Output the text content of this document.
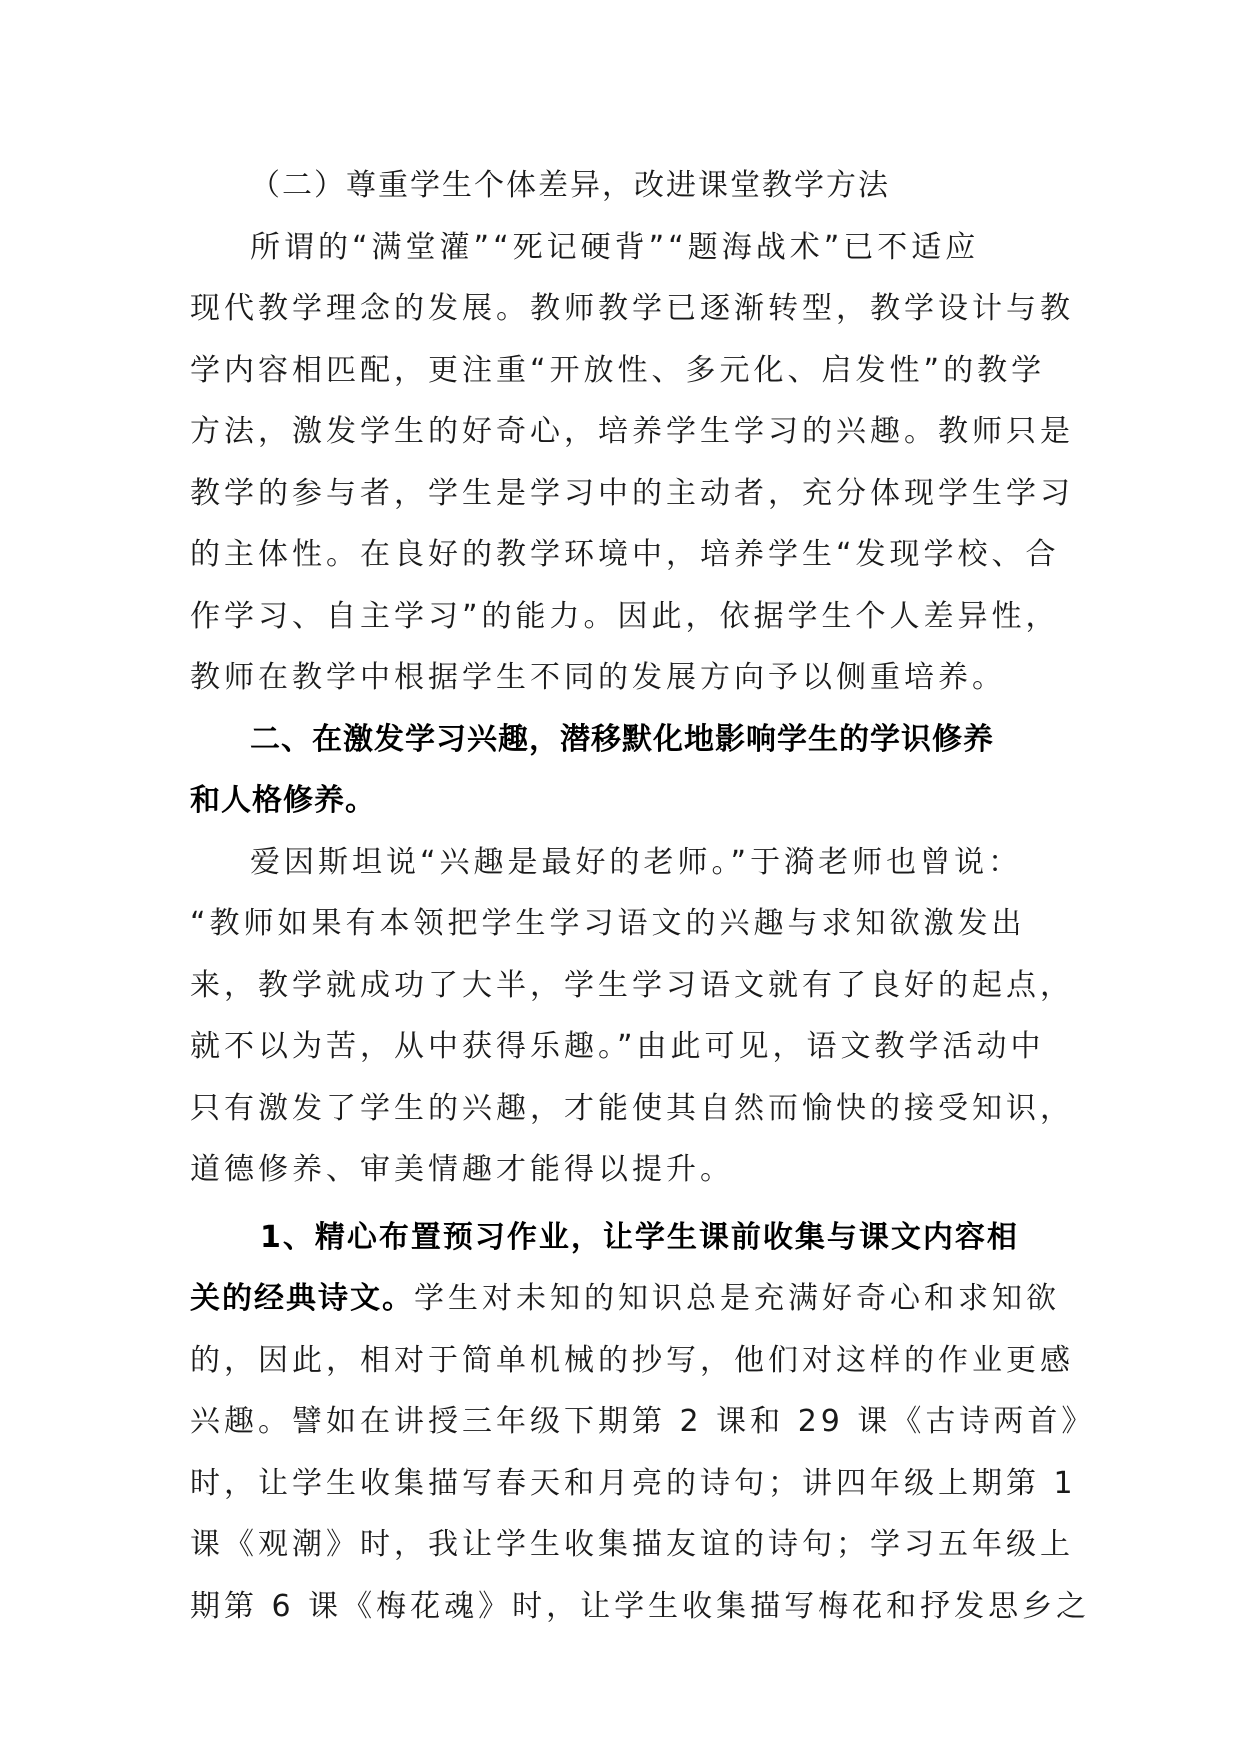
（二）尊重学生个体差异，改进课堂教学方法
所谓的“满堂灌”“死记硬背”“题海战术”已不适应
现代教学理念的发展。教师教学已逐渐转型，教学设计与教
学内容相匹配，更注重“开放性、多元化、启发性”的教学
方法，激发学生的好奇心，培养学生学习的兴趣。教师只是
教学的参与者，学生是学习中的主动者，充分体现学生学习
的主体性。在良好的教学环境中，培养学生“发现学校、合
作学习、自主学习”的能力。因此，依据学生个人差异性，
教师在教学中根据学生不同的发展方向予以侧重培养。
二、在激发学习兴趣，潜移默化地影响学生的学识修养
和人格修养。
爱因斯坦说“兴趣是最好的老师。”于漪老师也曾说：
“教师如果有本领把学生学习语文的兴趣与求知欲激发出
来，教学就成功了大半，学生学习语文就有了良好的起点，
就不以为苦，从中获得乐趣。”由此可见，语文教学活动中
只有激发了学生的兴趣，才能使其自然而愉快的接受知识，
道德修养、审美情趣才能得以提升。
1、精心布置预习作业，让学生课前收集与课文内容相
关的经典诗文。学生对未知的知识总是充满好奇心和求知欲
的，因此，相对于简单机械的抄写，他们对这样的作业更感
兴趣。譬如在讲授三年级下期第 2 课和 29 课《古诗两首》
时，让学生收集描写春天和月亮的诗句；讲四年级上期第 1
课《观潮》时，我让学生收集描友谊的诗句；学习五年级上
期第 6 课《梅花魂》时，让学生收集描写梅花和抒发思乡之
